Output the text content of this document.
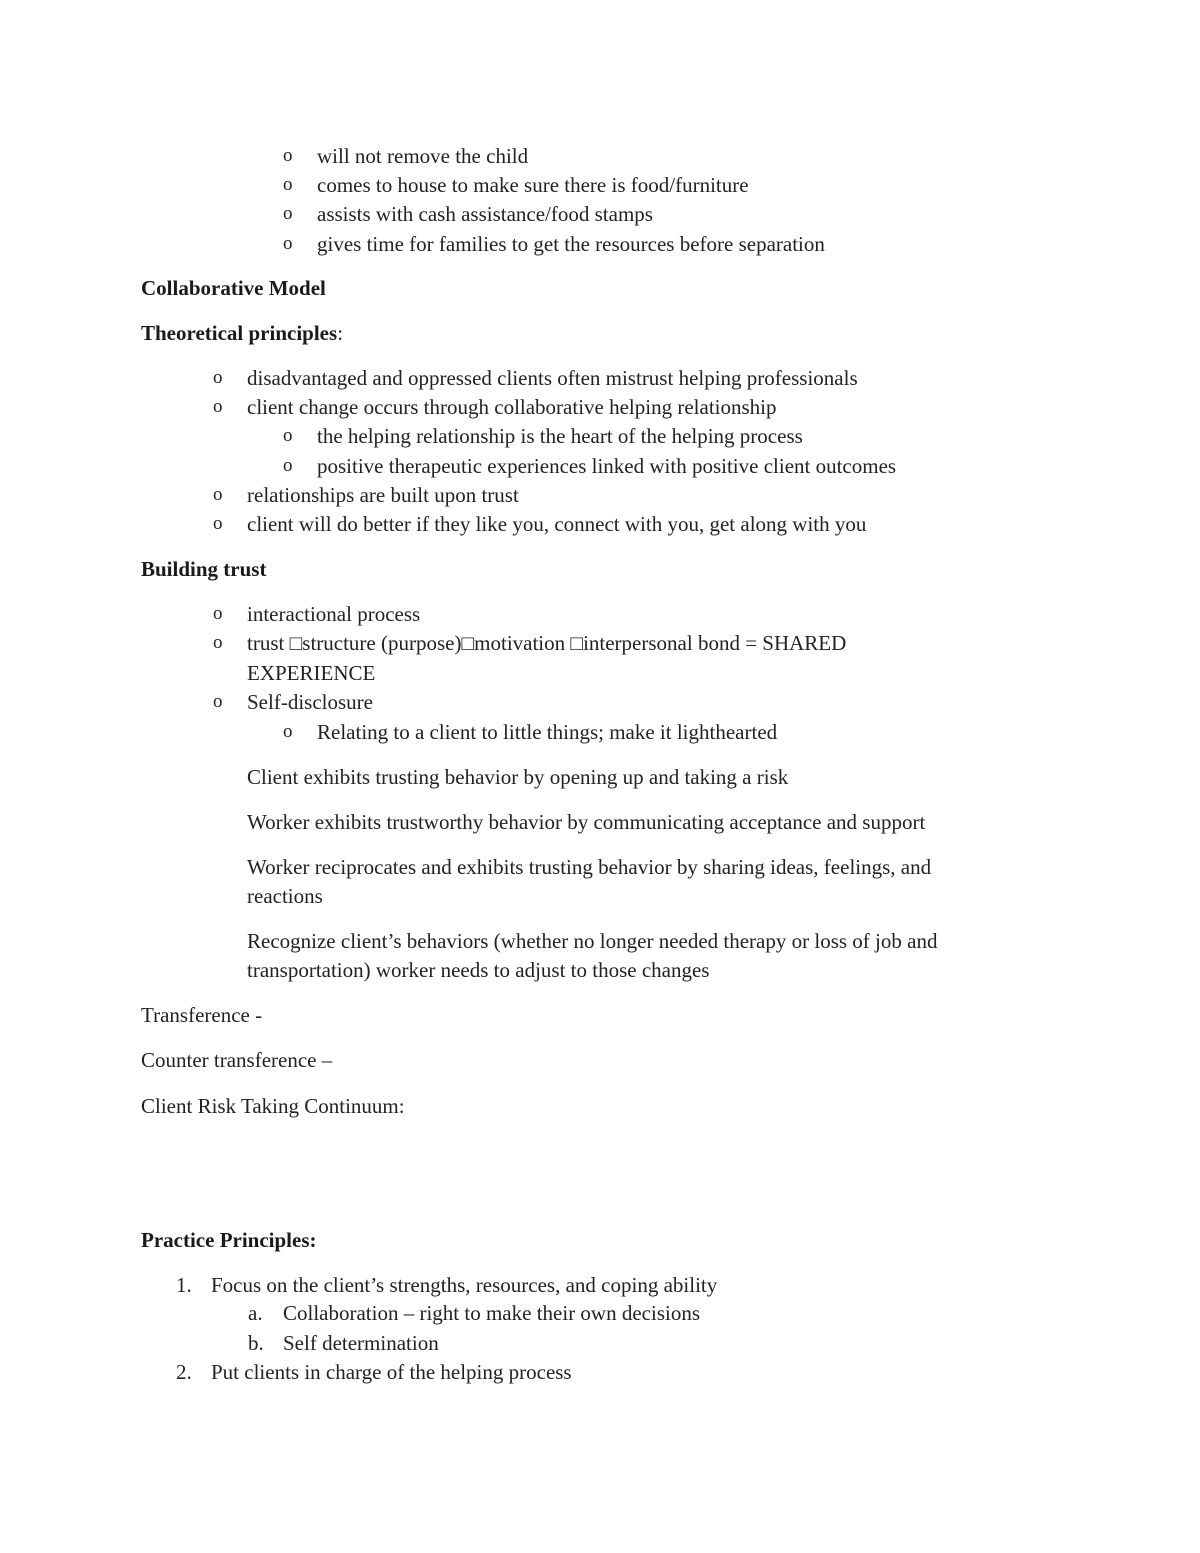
o will not remove the child
o comes to house to make sure there is food/furniture
o assists with cash assistance/food stamps
o gives time for families to get the resources before separation
Collaborative Model
Theoretical principles:
o disadvantaged and oppressed clients often mistrust helping professionals
o client change occurs through collaborative helping relationship
o the helping relationship is the heart of the helping process
o positive therapeutic experiences linked with positive client outcomes
o relationships are built upon trust
o client will do better if they like you, connect with you, get along with you
Building trust
o interactional process
o trust □structure (purpose)□motivation □interpersonal bond = SHARED
EXPERIENCE
o Self-disclosure
o Relating to a client to little things; make it lighthearted
Client exhibits trusting behavior by opening up and taking a risk
Worker exhibits trustworthy behavior by communicating acceptance and support
Worker reciprocates and exhibits trusting behavior by sharing ideas, feelings, and
reactions
Recognize client’s behaviors (whether no longer needed therapy or loss of job and
transportation) worker needs to adjust to those changes
Transference -
Counter transference –
Client Risk Taking Continuum:
Practice Principles:
1. Focus on the client’s strengths, resources, and coping ability
a. Collaboration – right to make their own decisions
b. Self determination
2. Put clients in charge of the helping process
